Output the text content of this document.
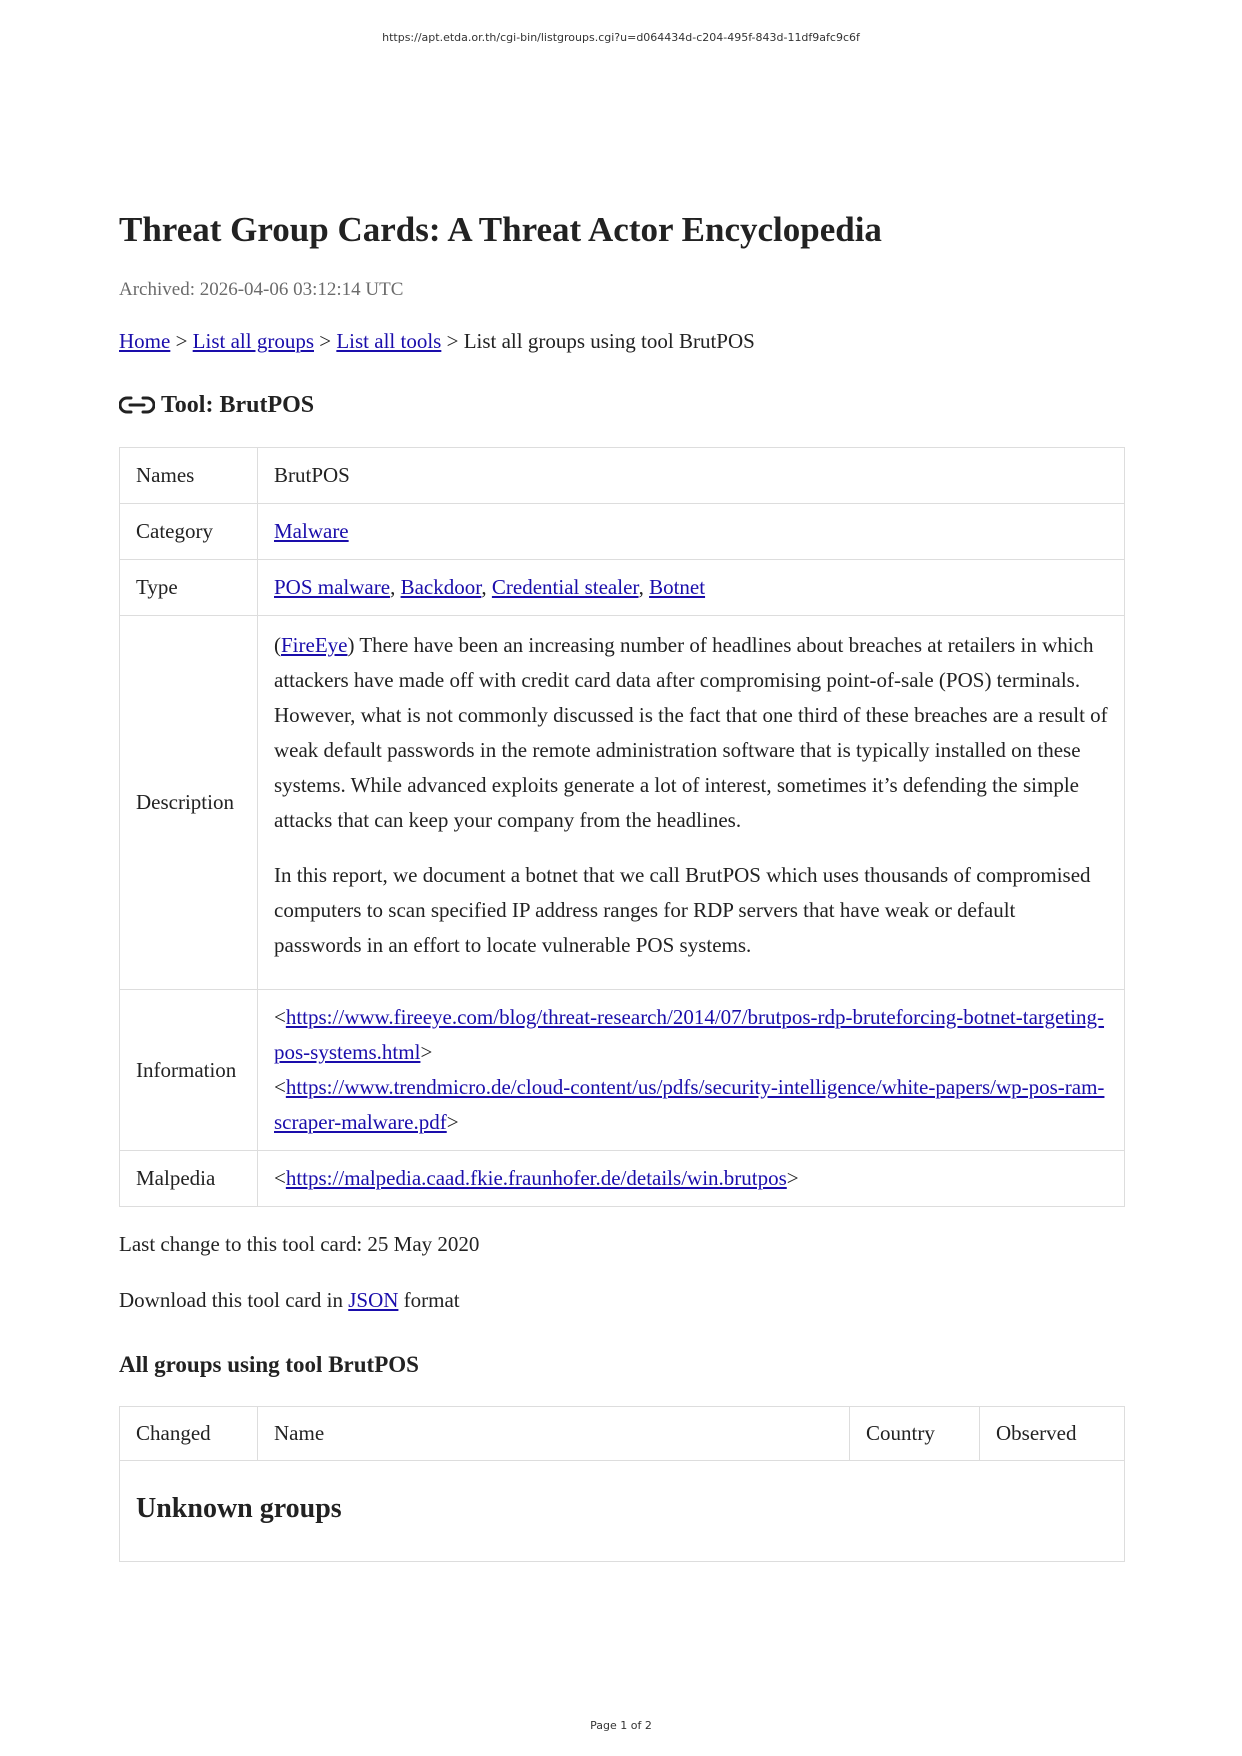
https://apt.etda.or.th/cgi-bin/listgroups.cgi?u=d064434d-c204-495f-843d-11df9afc9c6f
Threat Group Cards: A Threat Actor Encyclopedia
Archived: 2026-04-06 03:12:14 UTC
Home > List all groups > List all tools > List all groups using tool BrutPOS
Tool: BrutPOS
Names	BrutPOS
Category	Malware
Type	POS malware, Backdoor, Credential stealer, Botnet
Description	(FireEye) There have been an increasing number of headlines about breaches at retailers in which attackers have made off with credit card data after compromising point-of-sale (POS) terminals. However, what is not commonly discussed is the fact that one third of these breaches are a result of weak default passwords in the remote administration software that is typically installed on these systems. While advanced exploits generate a lot of interest, sometimes it’s defending the simple attacks that can keep your company from the headlines.

In this report, we document a botnet that we call BrutPOS which uses thousands of compromised computers to scan specified IP address ranges for RDP servers that have weak or default passwords in an effort to locate vulnerable POS systems.

Information	<https://www.fireeye.com/blog/threat-research/2014/07/brutpos-rdp-bruteforcing-botnet-targeting-pos-systems.html>
<https://www.trendmicro.de/cloud-content/us/pdfs/security-intelligence/white-papers/wp-pos-ram-scraper-malware.pdf>
Malpedia	<https://malpedia.caad.fkie.fraunhofer.de/details/win.brutpos>
Last change to this tool card: 25 May 2020
Download this tool card in JSON format
All groups using tool BrutPOS
Changed	Name	Country	Observed
Unknown groups
Page 1 of 2
